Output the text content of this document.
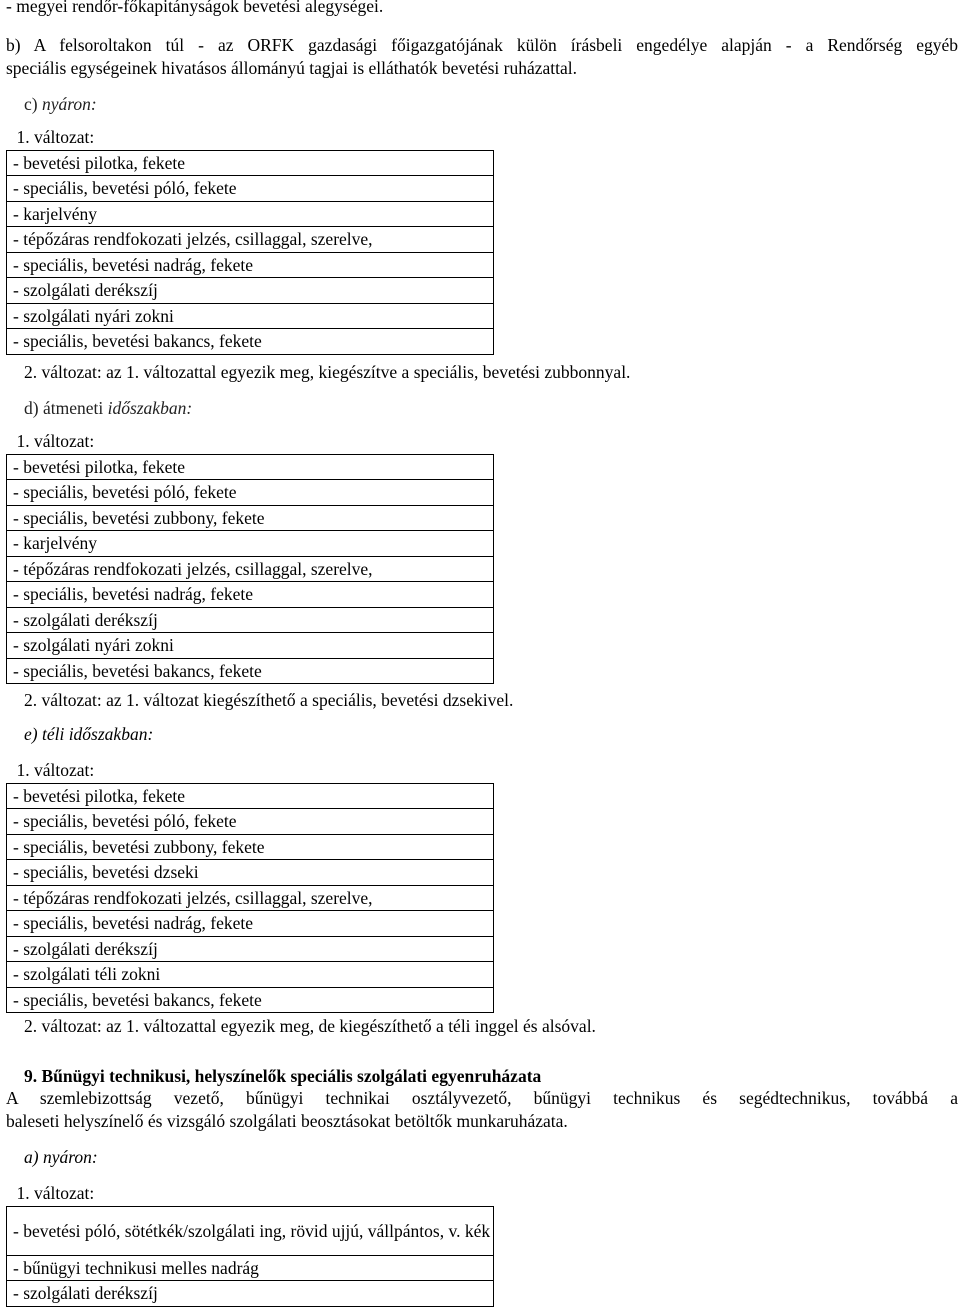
- megyei rendőr-főkapitányságok bevetési alegységei.
b) A felsoroltakon túl - az ORFK gazdasági főigazgatójának külön írásbeli engedélye alapján - a Rendőrség egyéb
speciális egységeinek hivatásos állományú tagjai is elláthatók bevetési ruházattal.
c) nyáron:
1. változat:
- bevetési pilotka, fekete
- speciális, bevetési póló, fekete
- karjelvény
- tépőzáras rendfokozati jelzés, csillaggal, szerelve,
- speciális, bevetési nadrág, fekete
- szolgálati derékszíj
- szolgálati nyári zokni
- speciális, bevetési bakancs, fekete
2. változat: az 1. változattal egyezik meg, kiegészítve a speciális, bevetési zubbonnyal.
d) átmeneti időszakban:
1. változat:
- bevetési pilotka, fekete
- speciális, bevetési póló, fekete
- speciális, bevetési zubbony, fekete
- karjelvény
- tépőzáras rendfokozati jelzés, csillaggal, szerelve,
- speciális, bevetési nadrág, fekete
- szolgálati derékszíj
- szolgálati nyári zokni
- speciális, bevetési bakancs, fekete
2. változat: az 1. változat kiegészíthető a speciális, bevetési dzsekivel.
e) téli időszakban:
1. változat:
- bevetési pilotka, fekete
- speciális, bevetési póló, fekete
- speciális, bevetési zubbony, fekete
- speciális, bevetési dzseki
- tépőzáras rendfokozati jelzés, csillaggal, szerelve,
- speciális, bevetési nadrág, fekete
- szolgálati derékszíj
- szolgálati téli zokni
- speciális, bevetési bakancs, fekete
2. változat: az 1. változattal egyezik meg, de kiegészíthető a téli inggel és alsóval.
9. Bűnügyi technikusi, helyszínelők speciális szolgálati egyenruházata
A szemlebizottság vezető, bűnügyi technikai osztályvezető, bűnügyi technikus és segédtechnikus, továbbá a
baleseti helyszínelő és vizsgáló szolgálati beosztásokat betöltők munkaruházata.
a) nyáron:
1. változat:
- bevetési póló, sötétkék/szolgálati ing, rövid ujjú, vállpántos, v. kék
- bűnügyi technikusi melles nadrág
- szolgálati derékszíj
